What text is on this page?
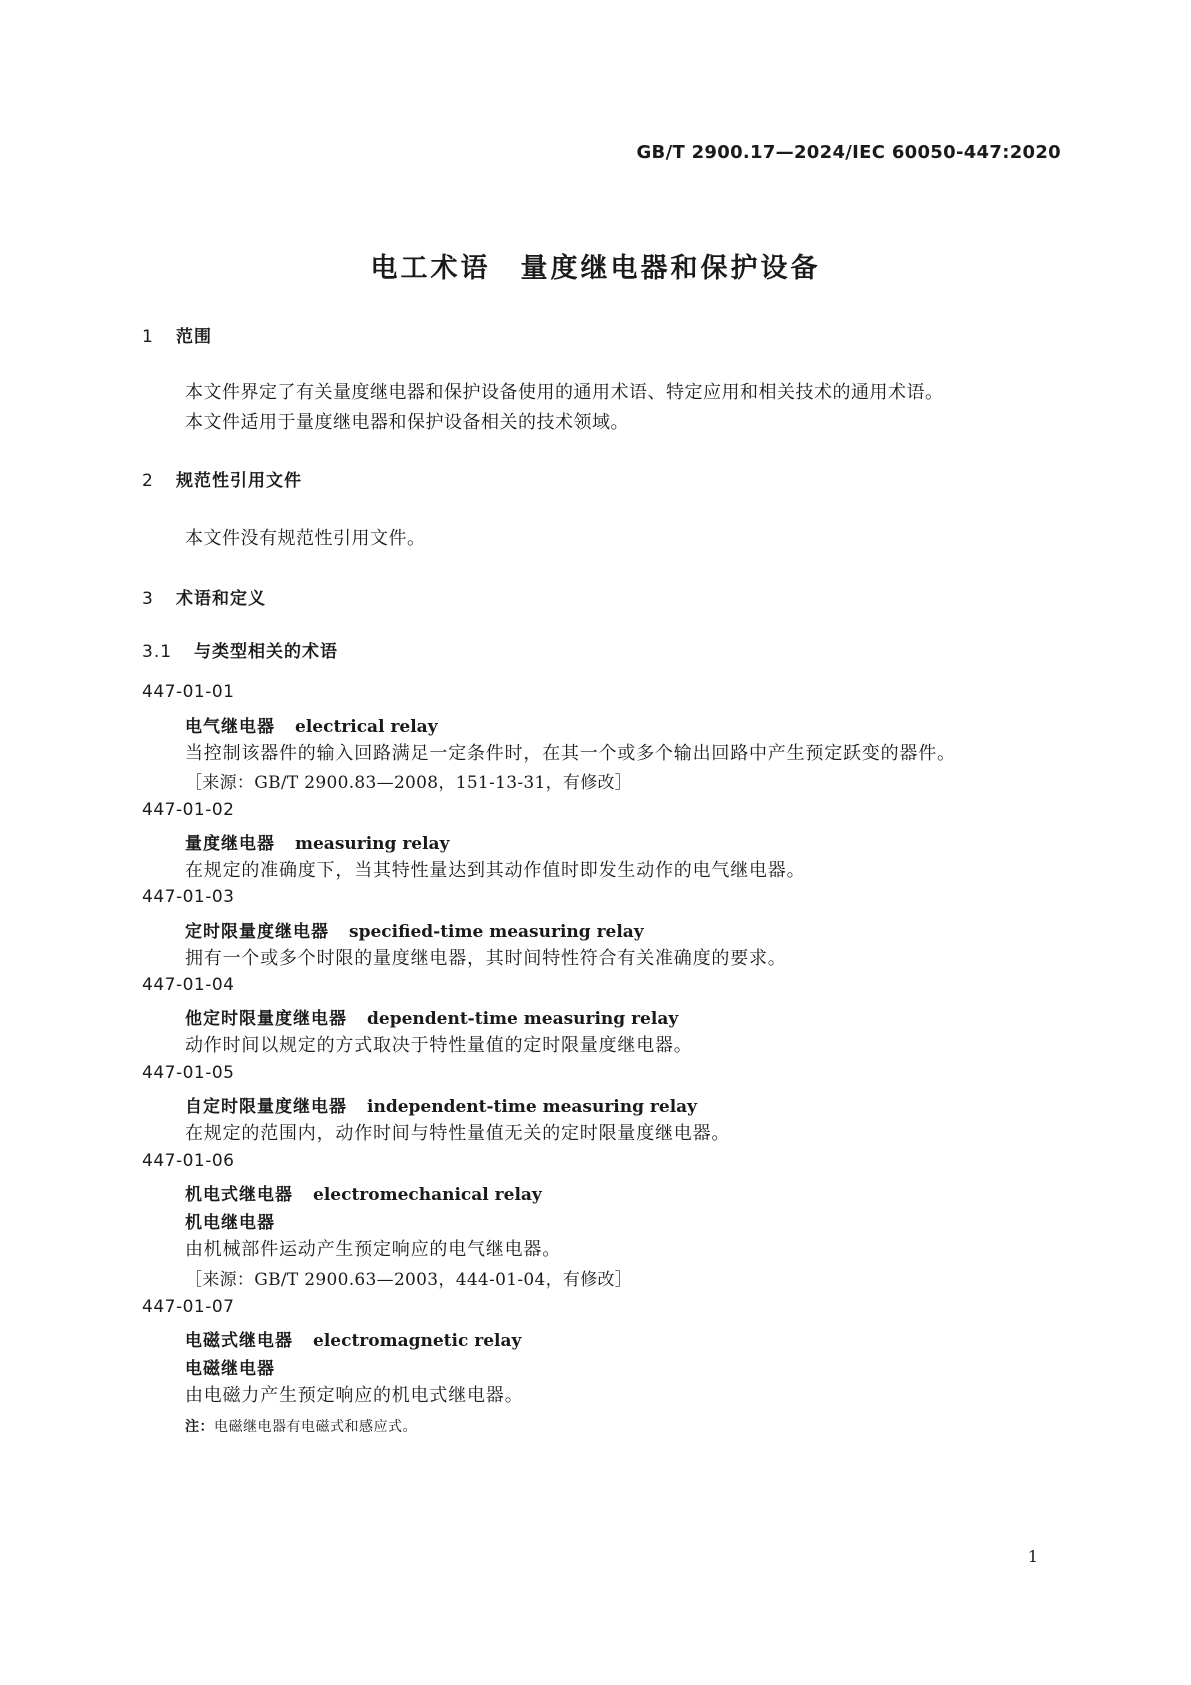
GB/T 2900.17—2024/IEC 60050-447:2020
电工术语 量度继电器和保护设备
1 范围
本文件界定了有关量度继电器和保护设备使用的通用术语、特定应用和相关技术的通用术语。
本文件适用于量度继电器和保护设备相关的技术领域。
2 规范性引用文件
本文件没有规范性引用文件。
3 术语和定义
3.1 与类型相关的术语
447-01-01
电气继电器 electrical relay
当控制该器件的输入回路满足一定条件时，在其一个或多个输出回路中产生预定跃变的器件。
［来源：GB/T 2900.83—2008，151-13-31，有修改］
447-01-02
量度继电器 measuring relay
在规定的准确度下，当其特性量达到其动作值时即发生动作的电气继电器。
447-01-03
定时限量度继电器 specified-time measuring relay
拥有一个或多个时限的量度继电器，其时间特性符合有关准确度的要求。
447-01-04
他定时限量度继电器 dependent-time measuring relay
动作时间以规定的方式取决于特性量值的定时限量度继电器。
447-01-05
自定时限量度继电器 independent-time measuring relay
在规定的范围内，动作时间与特性量值无关的定时限量度继电器。
447-01-06
机电式继电器 electromechanical relay
机电继电器
由机械部件运动产生预定响应的电气继电器。
［来源：GB/T 2900.63—2003，444-01-04，有修改］
447-01-07
电磁式继电器 electromagnetic relay
电磁继电器
由电磁力产生预定响应的机电式继电器。
注：电磁继电器有电磁式和感应式。
1
